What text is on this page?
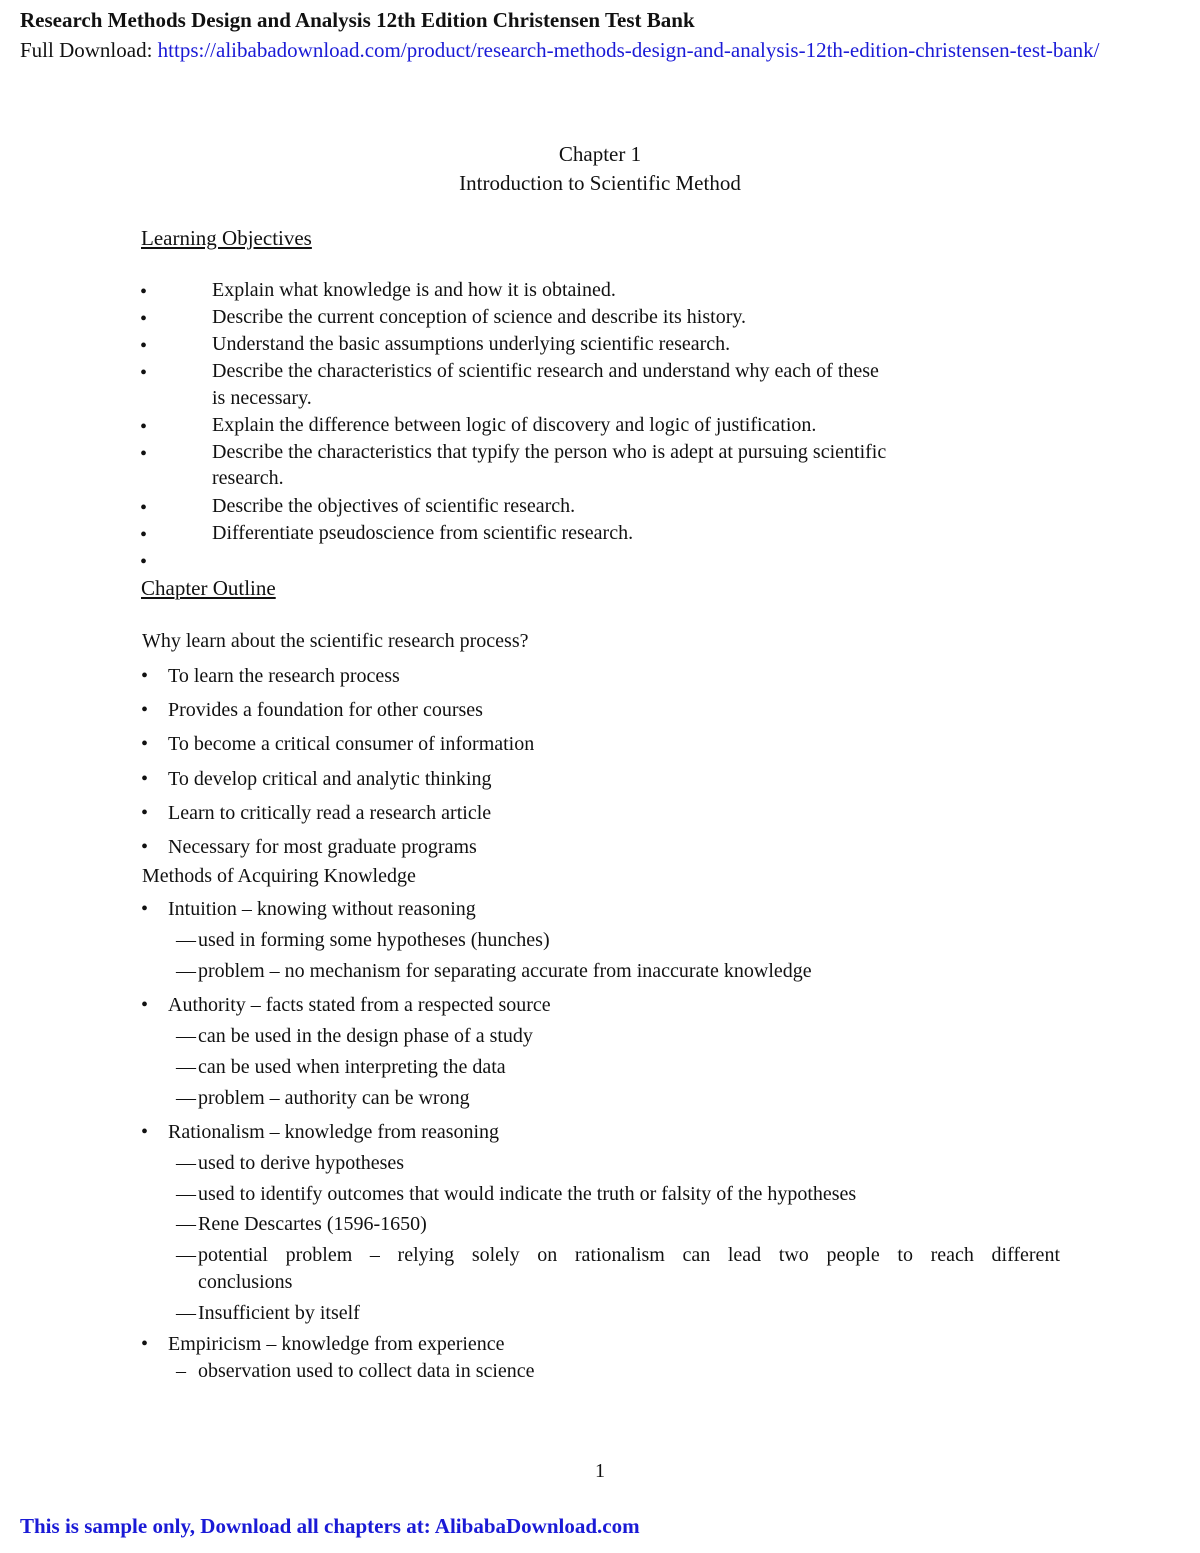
Research Methods Design and Analysis 12th Edition Christensen Test Bank
Full Download: https://alibabadownload.com/product/research-methods-design-and-analysis-12th-edition-christensen-test-bank/
Chapter 1
Introduction to Scientific Method
Learning Objectives
•	Explain what knowledge is and how it is obtained.
•	Describe the current conception of science and describe its history.
•	Understand the basic assumptions underlying scientific research.
•	Describe the characteristics of scientific research and understand why each of these
is necessary.
•	Explain the difference between logic of discovery and logic of justification.
•	Describe the characteristics that typify the person who is adept at pursuing scientific
research.
•	Describe the objectives of scientific research.
•	Differentiate pseudoscience from scientific research.
•
Chapter Outline
Why learn about the scientific research process?
• To learn the research process
• Provides a foundation for other courses
• To become a critical consumer of information
• To develop critical and analytic thinking
• Learn to critically read a research article
• Necessary for most graduate programs
Methods of Acquiring Knowledge
• Intuition – knowing without reasoning
— used in forming some hypotheses (hunches)
— problem – no mechanism for separating accurate from inaccurate knowledge
• Authority – facts stated from a respected source
— can be used in the design phase of a study
— can be used when interpreting the data
— problem – authority can be wrong
• Rationalism – knowledge from reasoning
— used to derive hypotheses
— used to identify outcomes that would indicate the truth or falsity of the hypotheses
— Rene Descartes (1596-1650)
— potential problem – relying solely on rationalism can lead two people to reach different
conclusions
— Insufficient by itself
• Empiricism – knowledge from experience
– observation used to collect data in science
1
This is sample only, Download all chapters at: AlibabaDownload.com
